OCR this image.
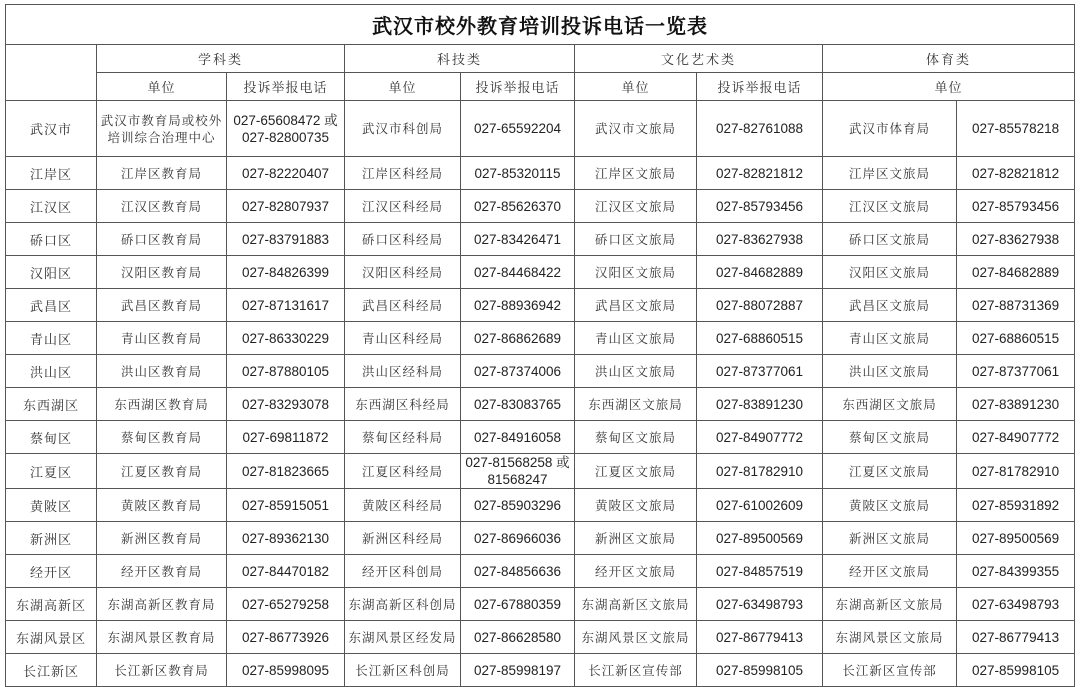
武汉市校外教育培训投诉电话一览表								
	学科类		科技类		文化艺术类		体育类	
	单位	投诉举报电话	单位	投诉举报电话	单位	投诉举报电话	单位	
武汉市	武汉市教育局或校外培训综合治理中心	027-65608472 或 027-82800735	武汉市科创局	027-65592204	武汉市文旅局	027-82761088	武汉市体育局	027-85578218
江岸区	江岸区教育局	027-82220407	江岸区科经局	027-85320115	江岸区文旅局	027-82821812	江岸区文旅局	027-82821812
江汉区	江汉区教育局	027-82807937	江汉区科经局	027-85626370	江汉区文旅局	027-85793456	江汉区文旅局	027-85793456
硚口区	硚口区教育局	027-83791883	硚口区科经局	027-83426471	硚口区文旅局	027-83627938	硚口区文旅局	027-83627938
汉阳区	汉阳区教育局	027-84826399	汉阳区科经局	027-84468422	汉阳区文旅局	027-84682889	汉阳区文旅局	027-84682889
武昌区	武昌区教育局	027-87131617	武昌区科经局	027-88936942	武昌区文旅局	027-88072887	武昌区文旅局	027-88731369
青山区	青山区教育局	027-86330229	青山区科经局	027-86862689	青山区文旅局	027-68860515	青山区文旅局	027-68860515
洪山区	洪山区教育局	027-87880105	洪山区经科局	027-87374006	洪山区文旅局	027-87377061	洪山区文旅局	027-87377061
东西湖区	东西湖区教育局	027-83293078	东西湖区科经局	027-83083765	东西湖区文旅局	027-83891230	东西湖区文旅局	027-83891230
蔡甸区	蔡甸区教育局	027-69811872	蔡甸区经科局	027-84916058	蔡甸区文旅局	027-84907772	蔡甸区文旅局	027-84907772
江夏区	江夏区教育局	027-81823665	江夏区科经局	027-81568258 或 81568247	江夏区文旅局	027-81782910	江夏区文旅局	027-81782910
黄陂区	黄陂区教育局	027-85915051	黄陂区科经局	027-85903296	黄陂区文旅局	027-61002609	黄陂区文旅局	027-85931892
新洲区	新洲区教育局	027-89362130	新洲区科经局	027-86966036	新洲区文旅局	027-89500569	新洲区文旅局	027-89500569
经开区	经开区教育局	027-84470182	经开区科创局	027-84856636	经开区文旅局	027-84857519	经开区文旅局	027-84399355
东湖高新区	东湖高新区教育局	027-65279258	东湖高新区科创局	027-67880359	东湖高新区文旅局	027-63498793	东湖高新区文旅局	027-63498793
东湖风景区	东湖风景区教育局	027-86773926	东湖风景区经发局	027-86628580	东湖风景区文旅局	027-86779413	东湖风景区文旅局	027-86779413
长江新区	长江新区教育局	027-85998095	长江新区科创局	027-85998197	长江新区宣传部	027-85998105	长江新区宣传部	027-85998105
